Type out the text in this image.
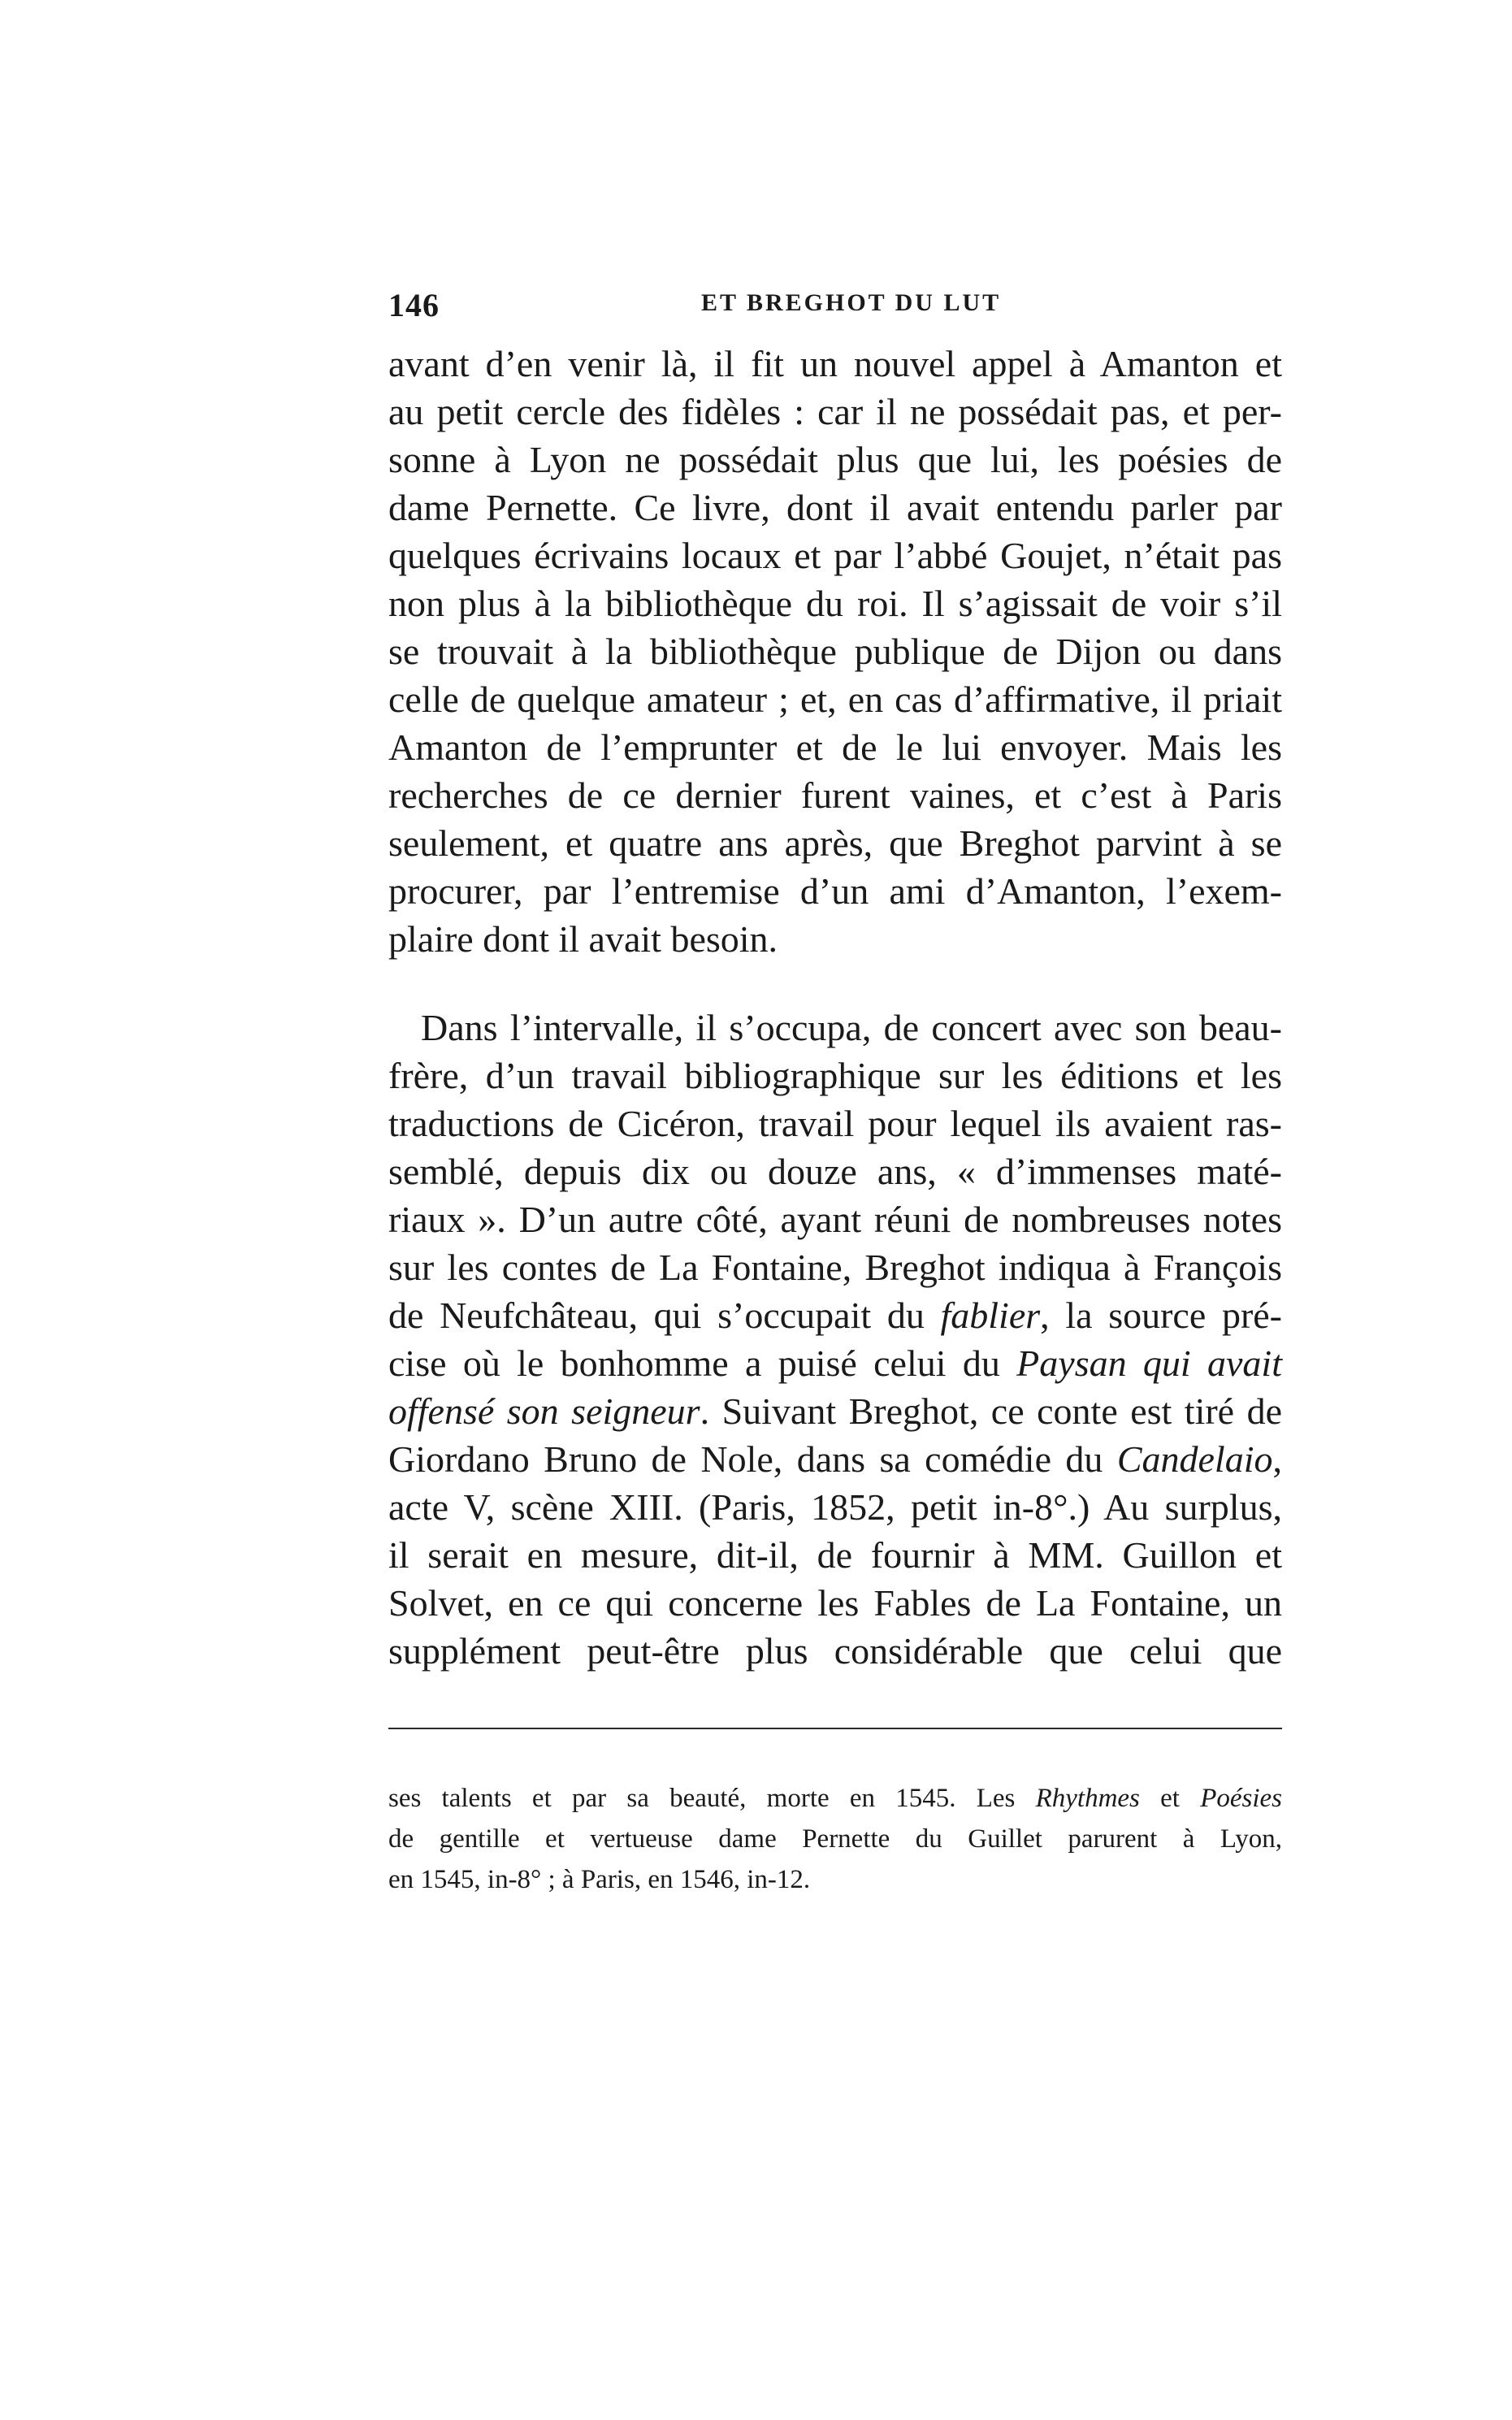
146	ET BREGHOT DU LUT
avant d’en venir là, il fit un nouvel appel à Amanton et
au petit cercle des fidèles : car il ne possédait pas, et per-
sonne à Lyon ne possédait plus que lui, les poésies de
dame Pernette. Ce livre, dont il avait entendu parler par
quelques écrivains locaux et par l’abbé Goujet, n’était pas
non plus à la bibliothèque du roi. Il s’agissait de voir s’il
se trouvait à la bibliothèque publique de Dijon ou dans
celle de quelque amateur ; et, en cas d’affirmative, il priait
Amanton de l’emprunter et de le lui envoyer. Mais les
recherches de ce dernier furent vaines, et c’est à Paris
seulement, et quatre ans après, que Breghot parvint à se
procurer, par l’entremise d’un ami d’Amanton, l’exem-
plaire dont il avait besoin.
Dans l’intervalle, il s’occupa, de concert avec son beau-
frère, d’un travail bibliographique sur les éditions et les
traductions de Cicéron, travail pour lequel ils avaient ras-
semblé, depuis dix ou douze ans, « d’immenses maté-
riaux ». D’un autre côté, ayant réuni de nombreuses notes
sur les contes de La Fontaine, Breghot indiqua à François
de Neufchâteau, qui s’occupait du fablier, la source pré-
cise où le bonhomme a puisé celui du Paysan qui avait
offensé son seigneur. Suivant Breghot, ce conte est tiré de
Giordano Bruno de Nole, dans sa comédie du Candelaio,
acte V, scène XIII. (Paris, 1852, petit in-8°.) Au surplus,
il serait en mesure, dit-il, de fournir à MM. Guillon et
Solvet, en ce qui concerne les Fables de La Fontaine, un
supplément peut-être plus considérable que celui que
ses talents et par sa beauté, morte en 1545. Les Rhythmes et Poésies
de gentille et vertueuse dame Pernette du Guillet parurent à Lyon,
en 1545, in-8° ; à Paris, en 1546, in-12.
